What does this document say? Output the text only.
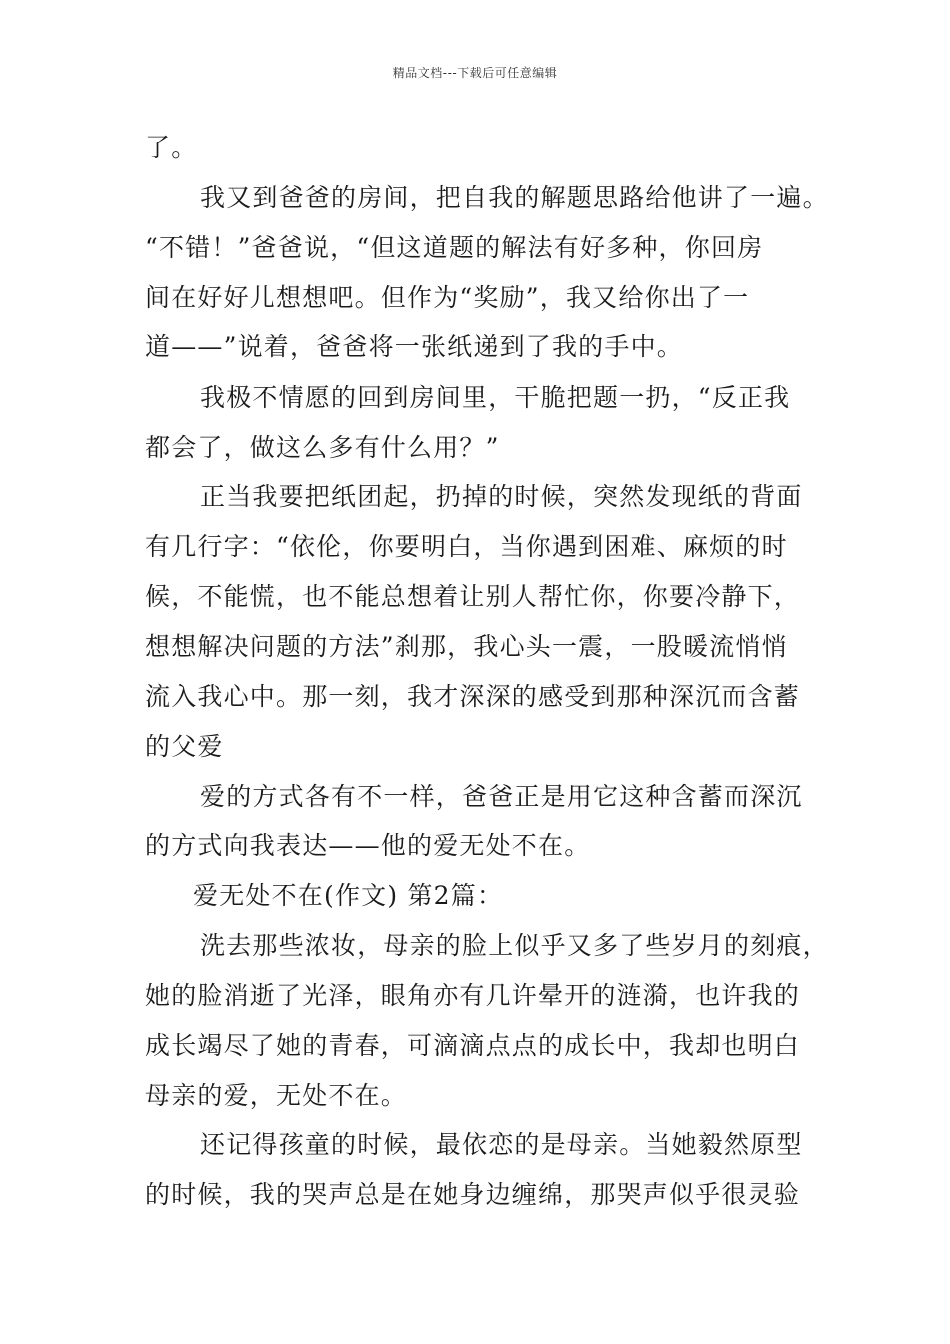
精品文档---下载后可任意编辑
了。
我又到爸爸的房间，把自我的解题思路给他讲了一遍。
“不错！”爸爸说，“但这道题的解法有好多种，你回房
间在好好儿想想吧。但作为“奖励”，我又给你出了一
道——”说着，爸爸将一张纸递到了我的手中。
我极不情愿的回到房间里，干脆把题一扔，“反正我
都会了，做这么多有什么用？”
正当我要把纸团起，扔掉的时候，突然发现纸的背面
有几行字：“依伦，你要明白，当你遇到困难、麻烦的时
候，不能慌，也不能总想着让别人帮忙你，你要冷静下，
想想解决问题的方法”刹那，我心头一震，一股暖流悄悄
流入我心中。那一刻，我才深深的感受到那种深沉而含蓄
的父爱
爱的方式各有不一样，爸爸正是用它这种含蓄而深沉
的方式向我表达——他的爱无处不在。
爱无处不在(作文) 第2篇：
洗去那些浓妆，母亲的脸上似乎又多了些岁月的刻痕，
她的脸消逝了光泽，眼角亦有几许晕开的涟漪，也许我的
成长竭尽了她的青春，可滴滴点点的成长中，我却也明白
母亲的爱，无处不在。
还记得孩童的时候，最依恋的是母亲。当她毅然原型
的时候，我的哭声总是在她身边缠绵，那哭声似乎很灵验
